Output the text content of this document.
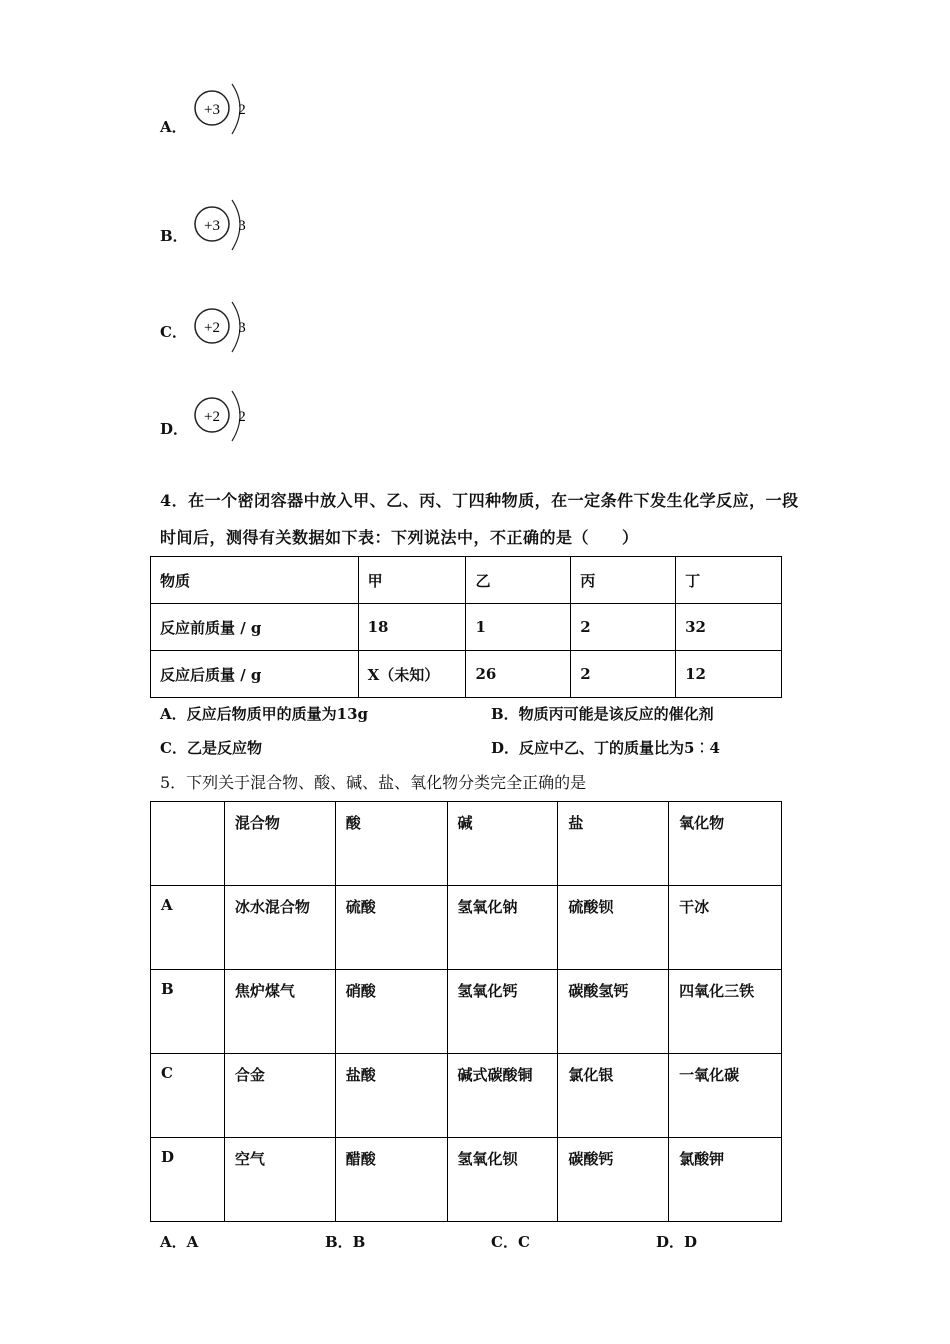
A．
+3 2
B．
+3 3
C． +2 3
D．
+2 2
4．在一个密闭容器中放入甲、乙、丙、丁四种物质，在一定条件下发生化学反应，一段
时间后，测得有关数据如下表：下列说法中，不正确的是（　　）
物质	甲	乙	丙	丁
反应前质量 / g	18	1	2	32
反应后质量 / g	X（未知）	26	2	12
A．反应后物质甲的质量为13g	B．物质丙可能是该反应的催化剂
C．乙是反应物	D．反应中乙、丁的质量比为5︰4
5．下列关于混合物、酸、碱、盐、氧化物分类完全正确的是
	混合物	酸	碱	盐	氧化物
A	冰水混合物	硫酸	氢氧化钠	硫酸钡	干冰
B	焦炉煤气	硝酸	氢氧化钙	碳酸氢钙	四氧化三铁
C	合金	盐酸	碱式碳酸铜	氯化银	一氧化碳
D	空气	醋酸	氢氧化钡	碳酸钙	氯酸钾
A．A	B．B	C．C	D．D
